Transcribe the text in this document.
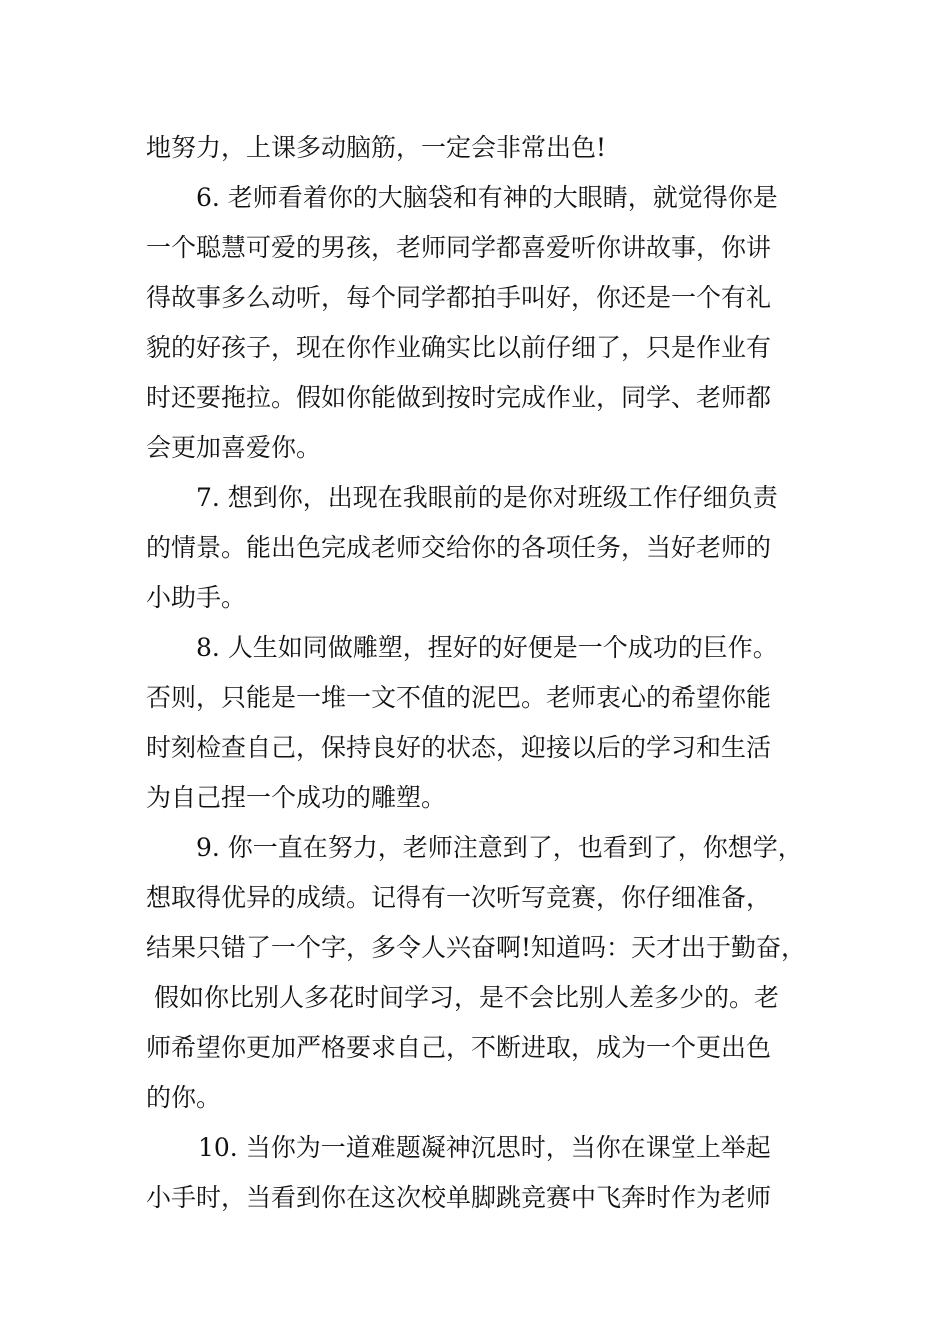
地努力，上课多动脑筋，一定会非常出色!

6. 老师看着你的大脑袋和有神的大眼睛，就觉得你是

一个聪慧可爱的男孩，老师同学都喜爱听你讲故事，你讲

得故事多么动听，每个同学都拍手叫好，你还是一个有礼

貌的好孩子，现在你作业确实比以前仔细了，只是作业有

时还要拖拉。假如你能做到按时完成作业，同学、老师都

会更加喜爱你。

7. 想到你，出现在我眼前的是你对班级工作仔细负责

的情景。能出色完成老师交给你的各项任务，当好老师的

小助手。

8. 人生如同做雕塑，捏好的好便是一个成功的巨作。

否则，只能是一堆一文不值的泥巴。老师衷心的希望你能

时刻检查自己，保持良好的状态，迎接以后的学习和生活

为自己捏一个成功的雕塑。

9. 你一直在努力，老师注意到了，也看到了，你想学，

想取得优异的成绩。记得有一次听写竞赛，你仔细准备，

结果只错了一个字，多令人兴奋啊!知道吗：天才出于勤奋，

假如你比别人多花时间学习，是不会比别人差多少的。老

师希望你更加严格要求自己，不断进取，成为一个更出色

的你。

10. 当你为一道难题凝神沉思时，当你在课堂上举起

小手时，当看到你在这次校单脚跳竞赛中飞奔时作为老师
